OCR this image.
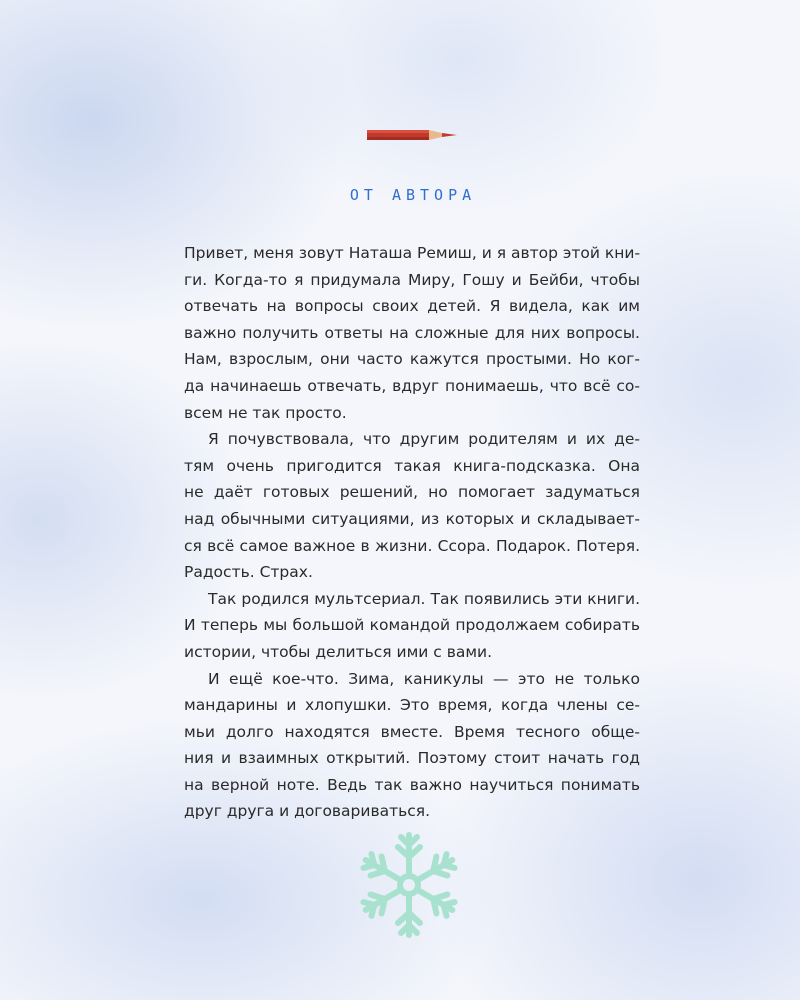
ОТ АВТОРА

Привет, меня зовут Наташа Ремиш, и я автор этой кни-
ги. Когда-то я придумала Миру, Гошу и Бейби, чтобы
отвечать на вопросы своих детей. Я видела, как им
важно получить ответы на сложные для них вопросы.
Нам, взрослым, они часто кажутся простыми. Но ког-
да начинаешь отвечать, вдруг понимаешь, что всё со-
всем не так просто.

Я почувствовала, что другим родителям и их де-
тям очень пригодится такая книга-подсказка. Она
не даёт готовых решений, но помогает задуматься
над обычными ситуациями, из которых и складывает-
ся всё самое важное в жизни. Ссора. Подарок. Потеря.
Радость. Страх.

Так родился мультсериал. Так появились эти книги.
И теперь мы большой командой продолжаем собирать
истории, чтобы делиться ими с вами.

И ещё кое-что. Зима, каникулы — это не только
мандарины и хлопушки. Это время, когда члены се-
мьи долго находятся вместе. Время тесного обще-
ния и взаимных открытий. Поэтому стоит начать год
на верной ноте. Ведь так важно научиться понимать
друг друга и договариваться.
